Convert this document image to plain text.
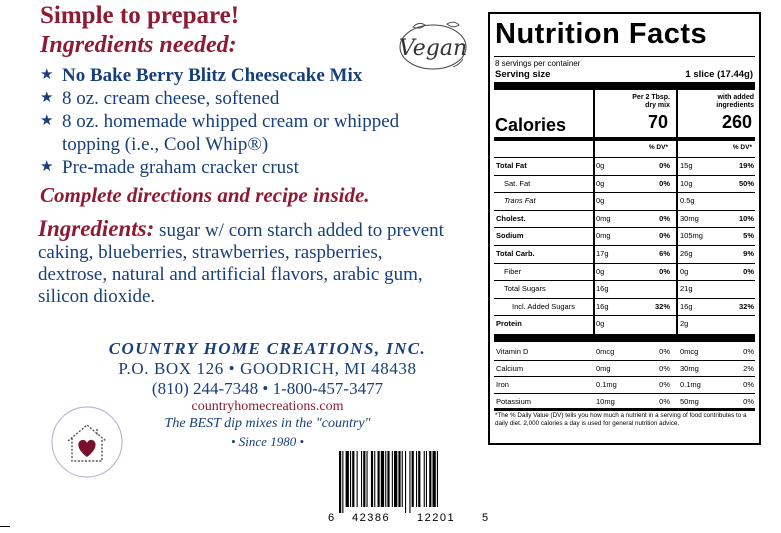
Simple to prepare!
Ingredients needed:
★ No Bake Berry Blitz Cheesecake Mix
★ 8 oz. cream cheese, softened
★ 8 oz. homemade whipped cream or whipped topping (i.e., Cool Whip®)
★ Pre-made graham cracker crust
Complete directions and recipe inside.
Ingredients: sugar w/ corn starch added to prevent caking, blueberries, strawberries, raspberries, dextrose, natural and artificial flavors, arabic gum, silicon dioxide.
Vegan
COUNTRY HOME CREATIONS, INC.
P.O. BOX 126 • GOODRICH, MI 48438
(810) 244-7348 • 1-800-457-3477
countryhomecreations.com
The BEST dip mixes in the "country"
• Since 1980 •
6 42386 12201 5
Nutrition Facts
8 servings per container
Serving size	1 slice (17.44g)
Per 2 Tbsp.
dry mix
with added
ingredients
Calories	70	260
% DV*	% DV*
Total Fat	0g	0% 15g	19%
Sat. Fat	0g	0% 10g	50%
Trans Fat	0g	0.5g
Cholest.	0mg	0% 30mg	10%
Sodium	0mg	0% 105mg	5%
Total Carb.	17g	6% 26g	9%
Fiber	0g	0% 0g	0%
Total Sugars	16g	21g
Incl. Added Sugars	16g	32% 16g	32%
Protein	0g	2g
Vitamin D	0mcg	0% 0mcg	0%
Calcium	0mg	0% 30mg	2%
Iron	0.1mg	0% 0.1mg	0%
Potassium	10mg	0% 50mg	0%
*The % Daily Value (DV) tells you how much a nutrient in a serving of food contributes to a daily diet. 2,000 calories a day is used for general nutrition advice.
